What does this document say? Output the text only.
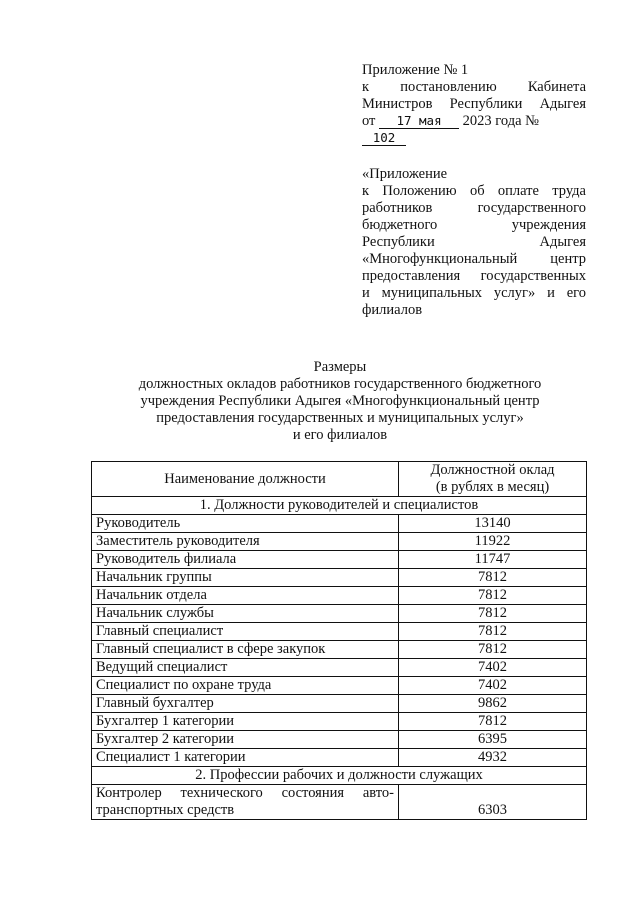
Приложение № 1
к постановлению Кабинета
Министров Республики Адыгея
от 17 мая 2023 года № 102
«Приложение
к Положению об оплате труда
работников государственного
бюджетного учреждения
Республики Адыгея
«Многофункциональный центр
предоставления государственных
и муниципальных услуг» и его
филиалов
Размеры
должностных окладов работников государственного бюджетного
учреждения Республики Адыгея «Многофункциональный центр
предоставления государственных и муниципальных услуг»
и его филиалов
Наименование должности	Должностной оклад
(в рублях в месяц)

1. Должности руководителей и специалистов	
Руководитель	13140
Заместитель руководителя	11922
Руководитель филиала	11747
Начальник группы	7812
Начальник отдела	7812
Начальник службы	7812
Главный специалист	7812
Главный специалист в сфере закупок	7812
Ведущий специалист	7402
Специалист по охране труда	7402
Главный бухгалтер	9862
Бухгалтер 1 категории	7812
Бухгалтер 2 категории	6395
Специалист 1 категории	4932
2. Профессии рабочих и должности служащих	

Контролер технического состояния авто-
транспортных средств	6303
